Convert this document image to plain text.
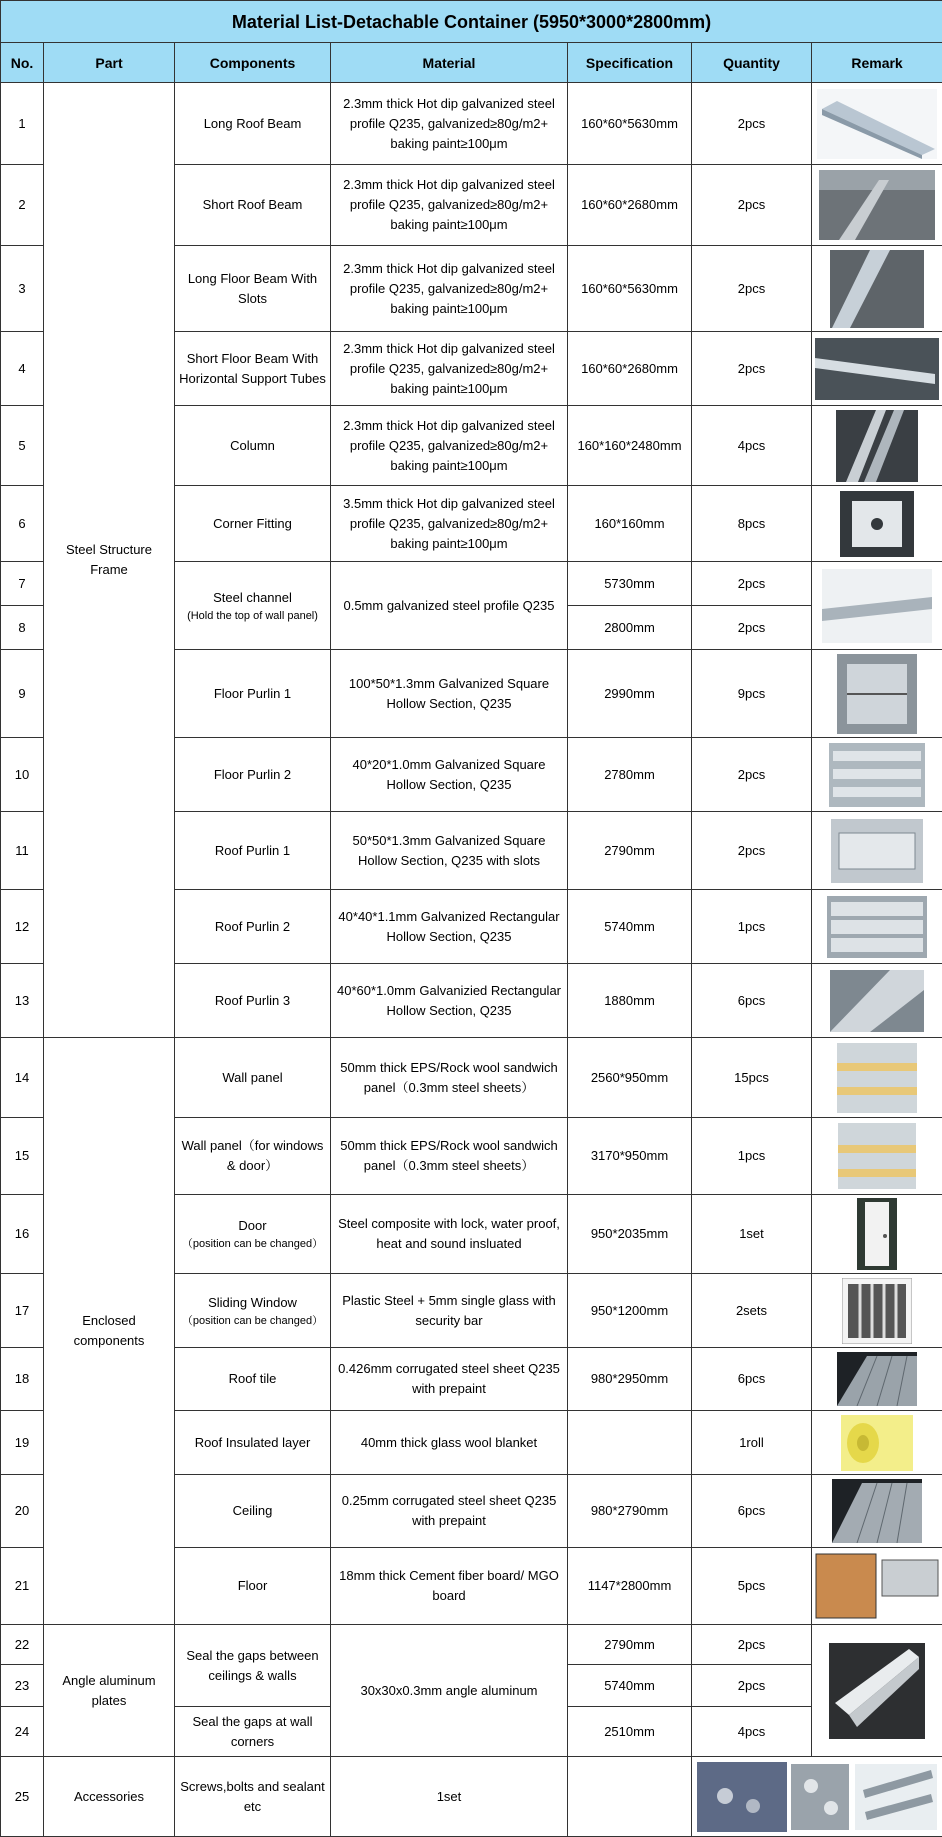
Material List-Detachable Container (5950*3000*2800mm)						
No.	Part	Components	Material	Specification	Quantity	Remark
1	Steel Structure Frame	Long Roof Beam	2.3mm thick Hot dip galvanized steel profile Q235, galvanized≥80g/m2+ baking paint≥100μm	160*60*5630mm	2pcs	

2		Short Roof Beam	2.3mm thick Hot dip galvanized steel profile Q235, galvanized≥80g/m2+ baking paint≥100μm	160*60*2680mm	2pcs	

3		Long Floor Beam With Slots	2.3mm thick Hot dip galvanized steel profile Q235, galvanized≥80g/m2+ baking paint≥100μm	160*60*5630mm	2pcs	

4		Short Floor Beam With Horizontal Support Tubes	2.3mm thick Hot dip galvanized steel profile Q235, galvanized≥80g/m2+ baking paint≥100μm	160*60*2680mm	2pcs	

5		Column	2.3mm thick Hot dip galvanized steel profile Q235, galvanized≥80g/m2+ baking paint≥100μm	160*160*2480mm	4pcs	

6		Corner Fitting	3.5mm thick Hot dip galvanized steel profile Q235, galvanized≥80g/m2+ baking paint≥100μm	160*160mm	8pcs	

7		Steel channel
(Hold the top of wall panel)	0.5mm galvanized steel profile Q235	5730mm	2pcs	

8				2800mm	2pcs	
9		Floor Purlin 1	100*50*1.3mm Galvanized Square Hollow Section, Q235	2990mm	9pcs	

10		Floor Purlin 2	40*20*1.0mm Galvanized Square Hollow Section, Q235	2780mm	2pcs	

11		Roof Purlin 1	50*50*1.3mm Galvanized Square Hollow Section, Q235 with slots	2790mm	2pcs	

12		Roof Purlin 2	40*40*1.1mm Galvanized Rectangular Hollow Section, Q235	5740mm	1pcs	

13		Roof Purlin 3	40*60*1.0mm Galvanizied Rectangular Hollow Section, Q235	1880mm	6pcs	

14	Enclosed components	Wall panel	50mm thick EPS/Rock wool sandwich panel（0.3mm steel sheets）	2560*950mm	15pcs	

15		Wall panel（for windows & door）	50mm thick EPS/Rock wool sandwich panel（0.3mm steel sheets）	3170*950mm	1pcs	

16		Door
（position can be changed）	Steel composite with lock, water proof, heat and sound insluated	950*2035mm	1set	

17		Sliding Window
（position can be changed）	Plastic Steel + 5mm single glass with security bar	950*1200mm	2sets	

18		Roof tile	0.426mm corrugated steel sheet Q235 with prepaint	980*2950mm	6pcs	

19		Roof Insulated layer	40mm thick glass wool blanket		1roll	

20		Ceiling	0.25mm corrugated steel sheet Q235 with prepaint	980*2790mm	6pcs	

21		Floor	18mm thick Cement fiber board/ MGO board	1147*2800mm	5pcs	

22	Angle aluminum plates	Seal the gaps between ceilings & walls	30x30x0.3mm angle aluminum	2790mm	2pcs	

23				5740mm	2pcs	
24		Seal the gaps at wall corners		2510mm	4pcs	
25	Accessories	Screws,bolts and sealant etc	1set		
